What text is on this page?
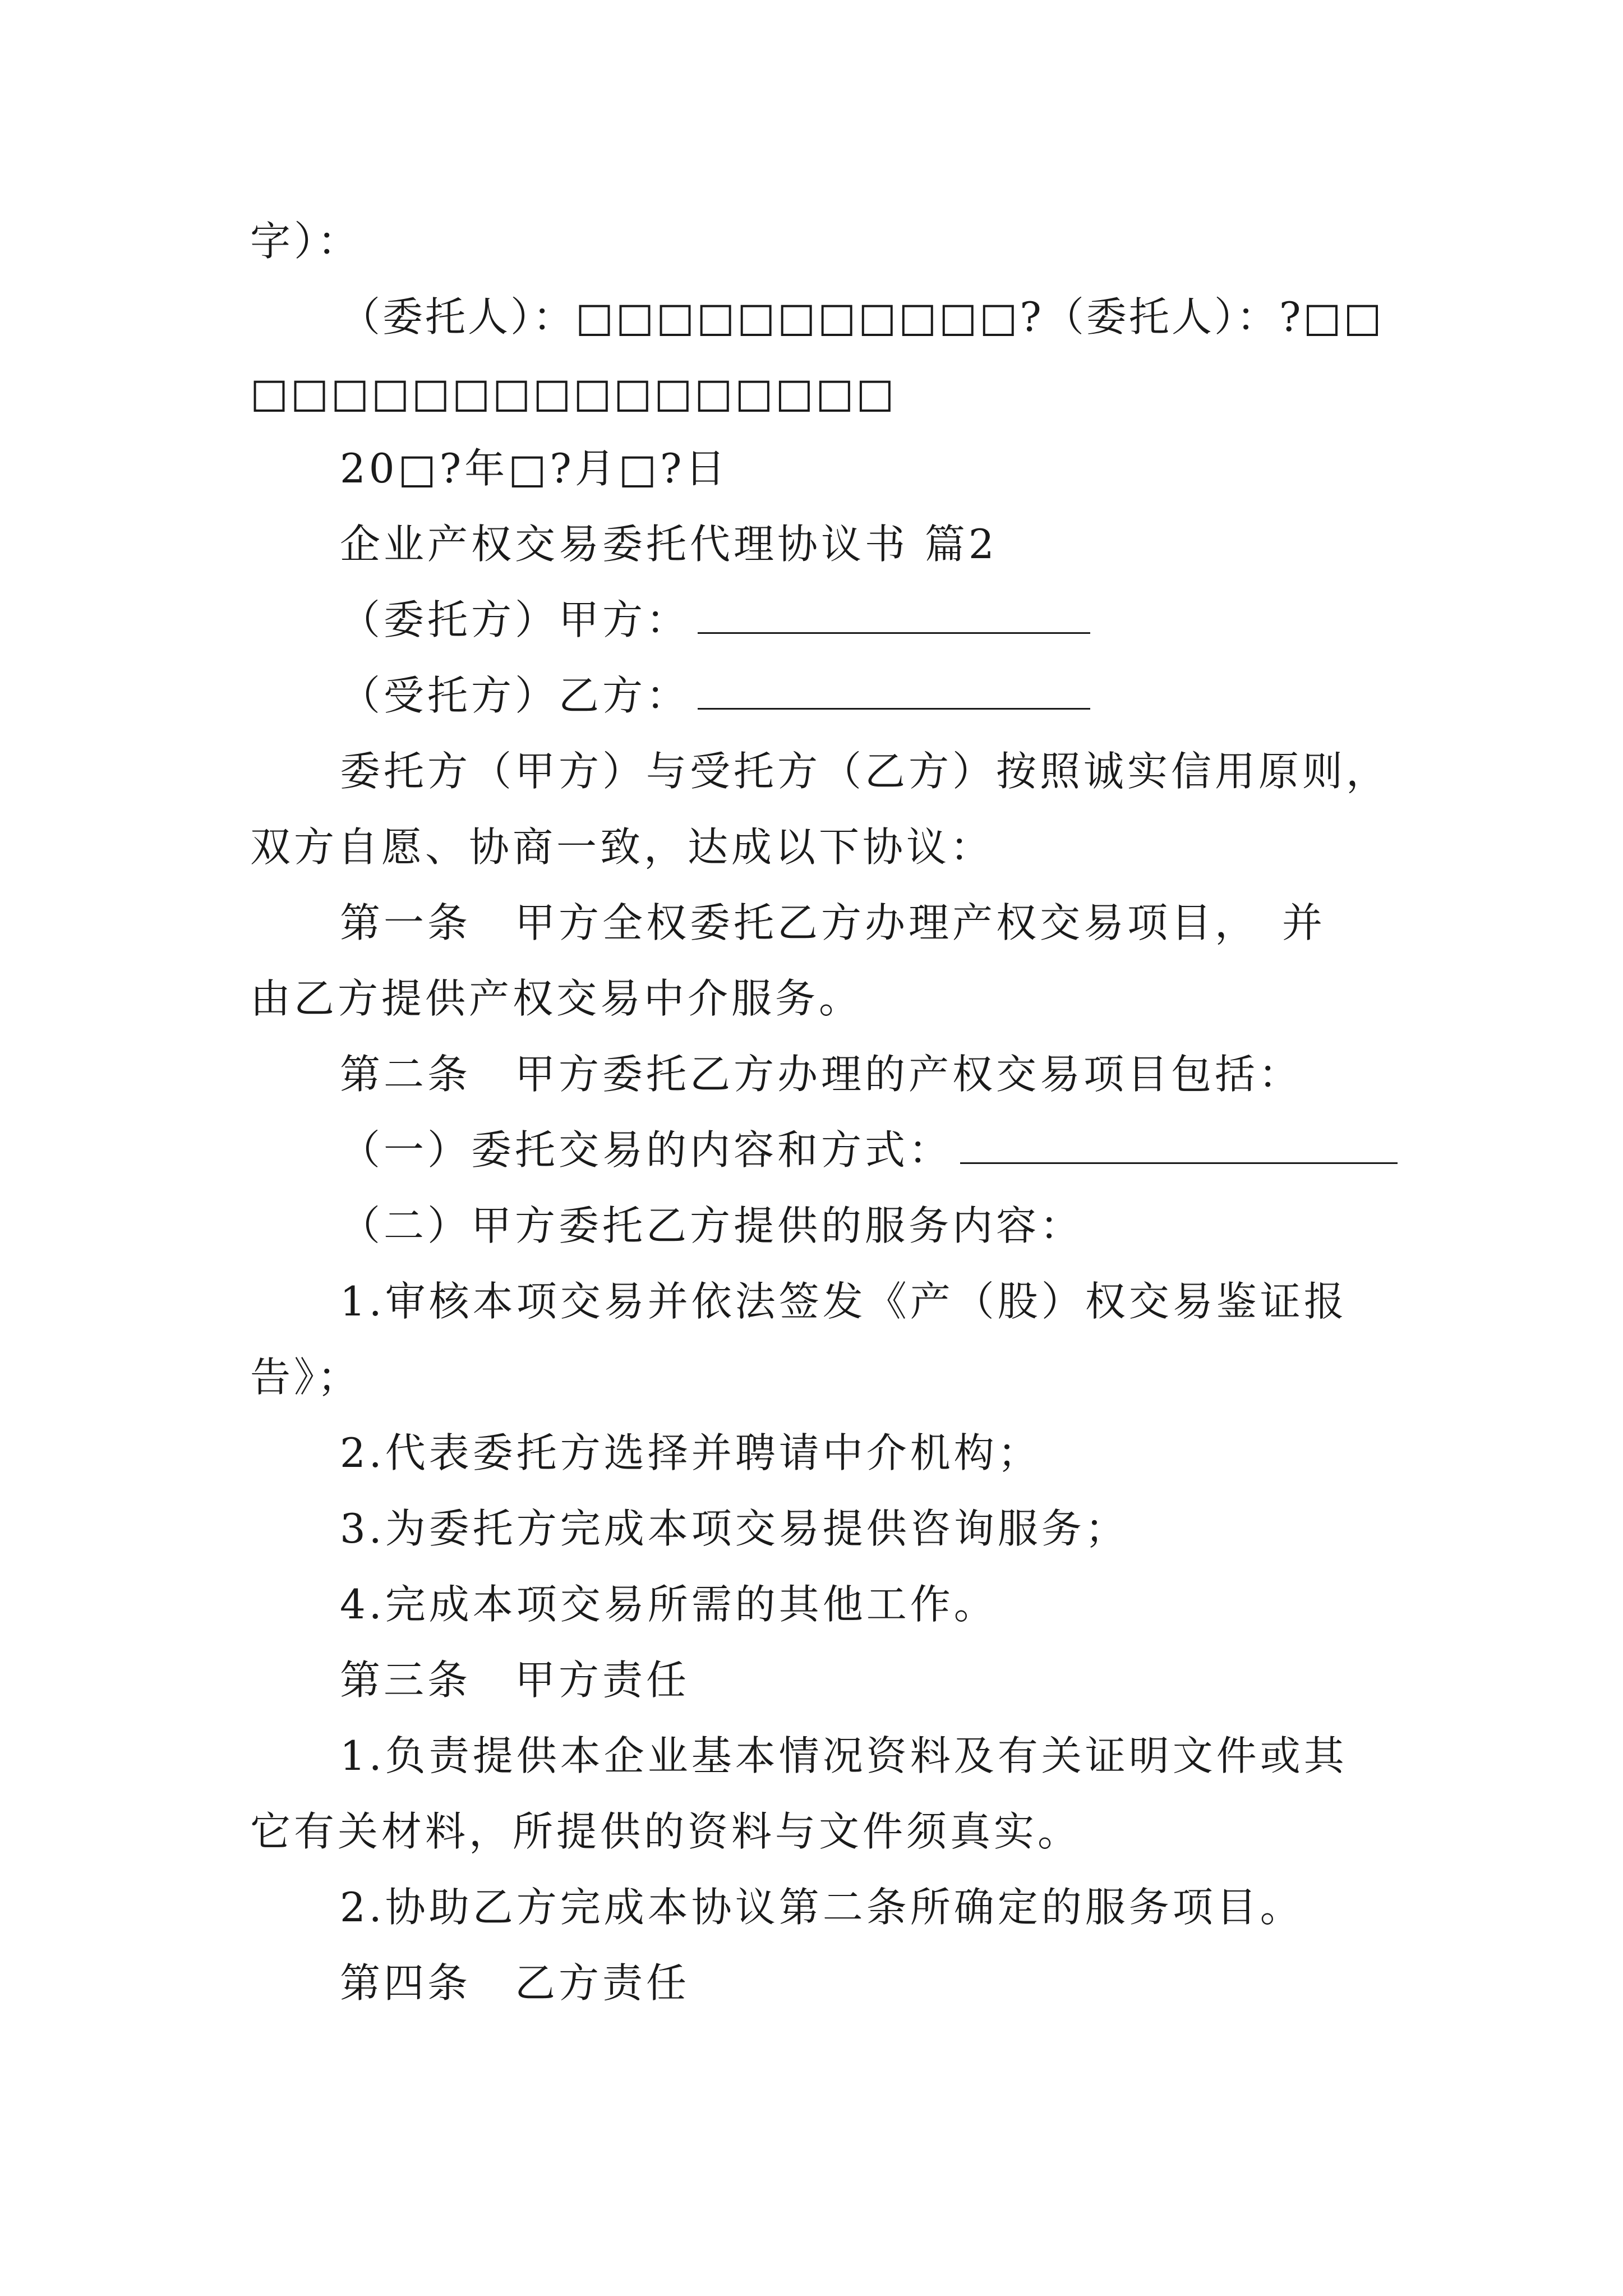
字）：
（委托人）：□□□□□□□□□□□?（委托人）：?□□
□□□□□□□□□□□□□□□□
20□?年□?月□?日
企业产权交易委托代理协议书 篇2
（委托方）甲方：
（受托方）乙方：
委托方（甲方）与受托方（乙方）按照诚实信用原则，
双方自愿、协商一致，达成以下协议：
第一条　甲方全权委托乙方办理产权交易项目，　并
由乙方提供产权交易中介服务。
第二条　甲方委托乙方办理的产权交易项目包括：
（一）委托交易的内容和方式：
（二）甲方委托乙方提供的服务内容：
1.审核本项交易并依法签发《产（股）权交易鉴证报
告》；
2.代表委托方选择并聘请中介机构；
3.为委托方完成本项交易提供咨询服务；
4.完成本项交易所需的其他工作。
第三条　甲方责任
1.负责提供本企业基本情况资料及有关证明文件或其
它有关材料，所提供的资料与文件须真实。
2.协助乙方完成本协议第二条所确定的服务项目。
第四条　乙方责任
